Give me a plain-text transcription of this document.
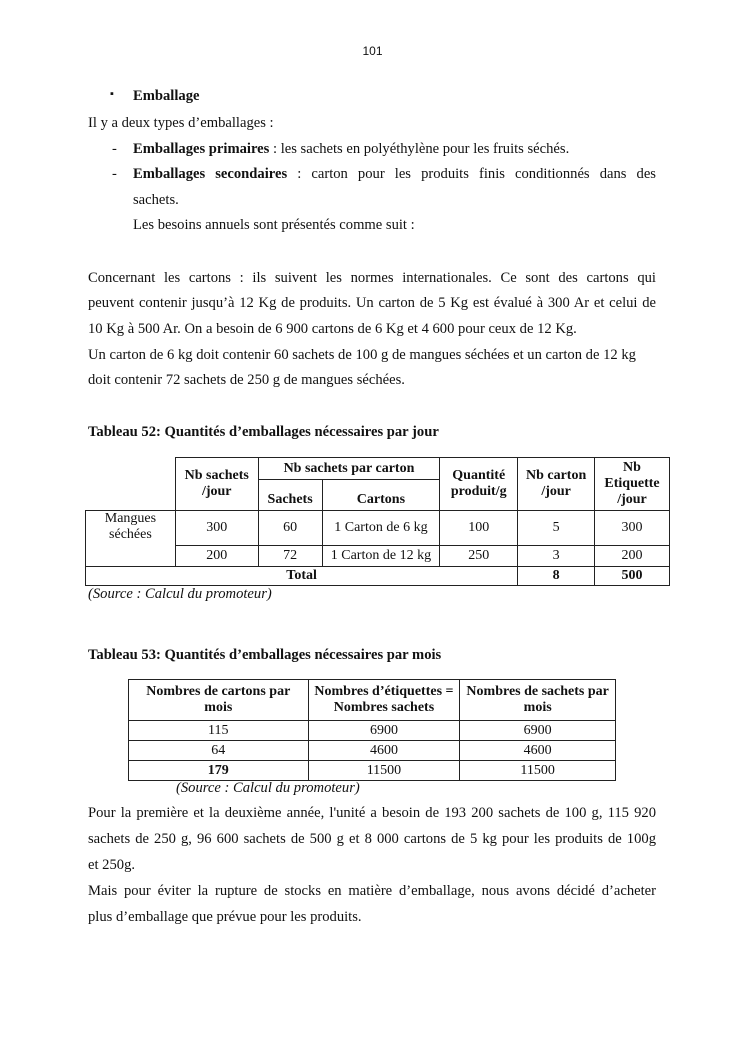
101
▪ Emballage
Il y a deux types d’emballages :
- Emballages primaires : les sachets en polyéthylène pour les fruits séchés.
- Emballages secondaires : carton pour les produits finis conditionnés dans des
sachets.
Les besoins annuels sont présentés comme suit :
Concernant les cartons : ils suivent les normes internationales. Ce sont des cartons qui
peuvent contenir jusqu’à 12 Kg de produits. Un carton de 5 Kg est évalué à 300 Ar et celui de
10 Kg à 500 Ar. On a besoin de 6 900 cartons de 6 Kg et 4 600 pour ceux de 12 Kg.
Un carton de 6 kg doit contenir 60 sachets de 100 g de mangues séchées et un carton de 12 kg
doit contenir 72 sachets de 250 g de mangues séchées.
Tableau 52: Quantités d’emballages nécessaires par jour
	Nb sachets /jour	Nb sachets par carton		Quantité produit/g	Nb carton /jour	Nb Etiquette /jour
		Sachets	Cartons			
Mangues séchées	300	60	1 Carton de 6 kg	100	5	300
	200	72	1 Carton de 12 kg	250	3	200
Total					8	500
(Source : Calcul du promoteur)
Tableau 53: Quantités d’emballages nécessaires par mois
Nombres de cartons par mois	Nombres d’étiquettes = Nombres sachets	Nombres de sachets par mois
115	6900	6900
64	4600	4600
179	11500	11500
(Source : Calcul du promoteur)
Pour la première et la deuxième année, l'unité a besoin de 193 200 sachets de 100 g, 115 920
sachets de 250 g, 96 600 sachets de 500 g et 8 000 cartons de 5 kg pour les produits de 100g
et 250g.
Mais pour éviter la rupture de stocks en matière d’emballage, nous avons décidé d’acheter
plus d’emballage que prévue pour les produits.
